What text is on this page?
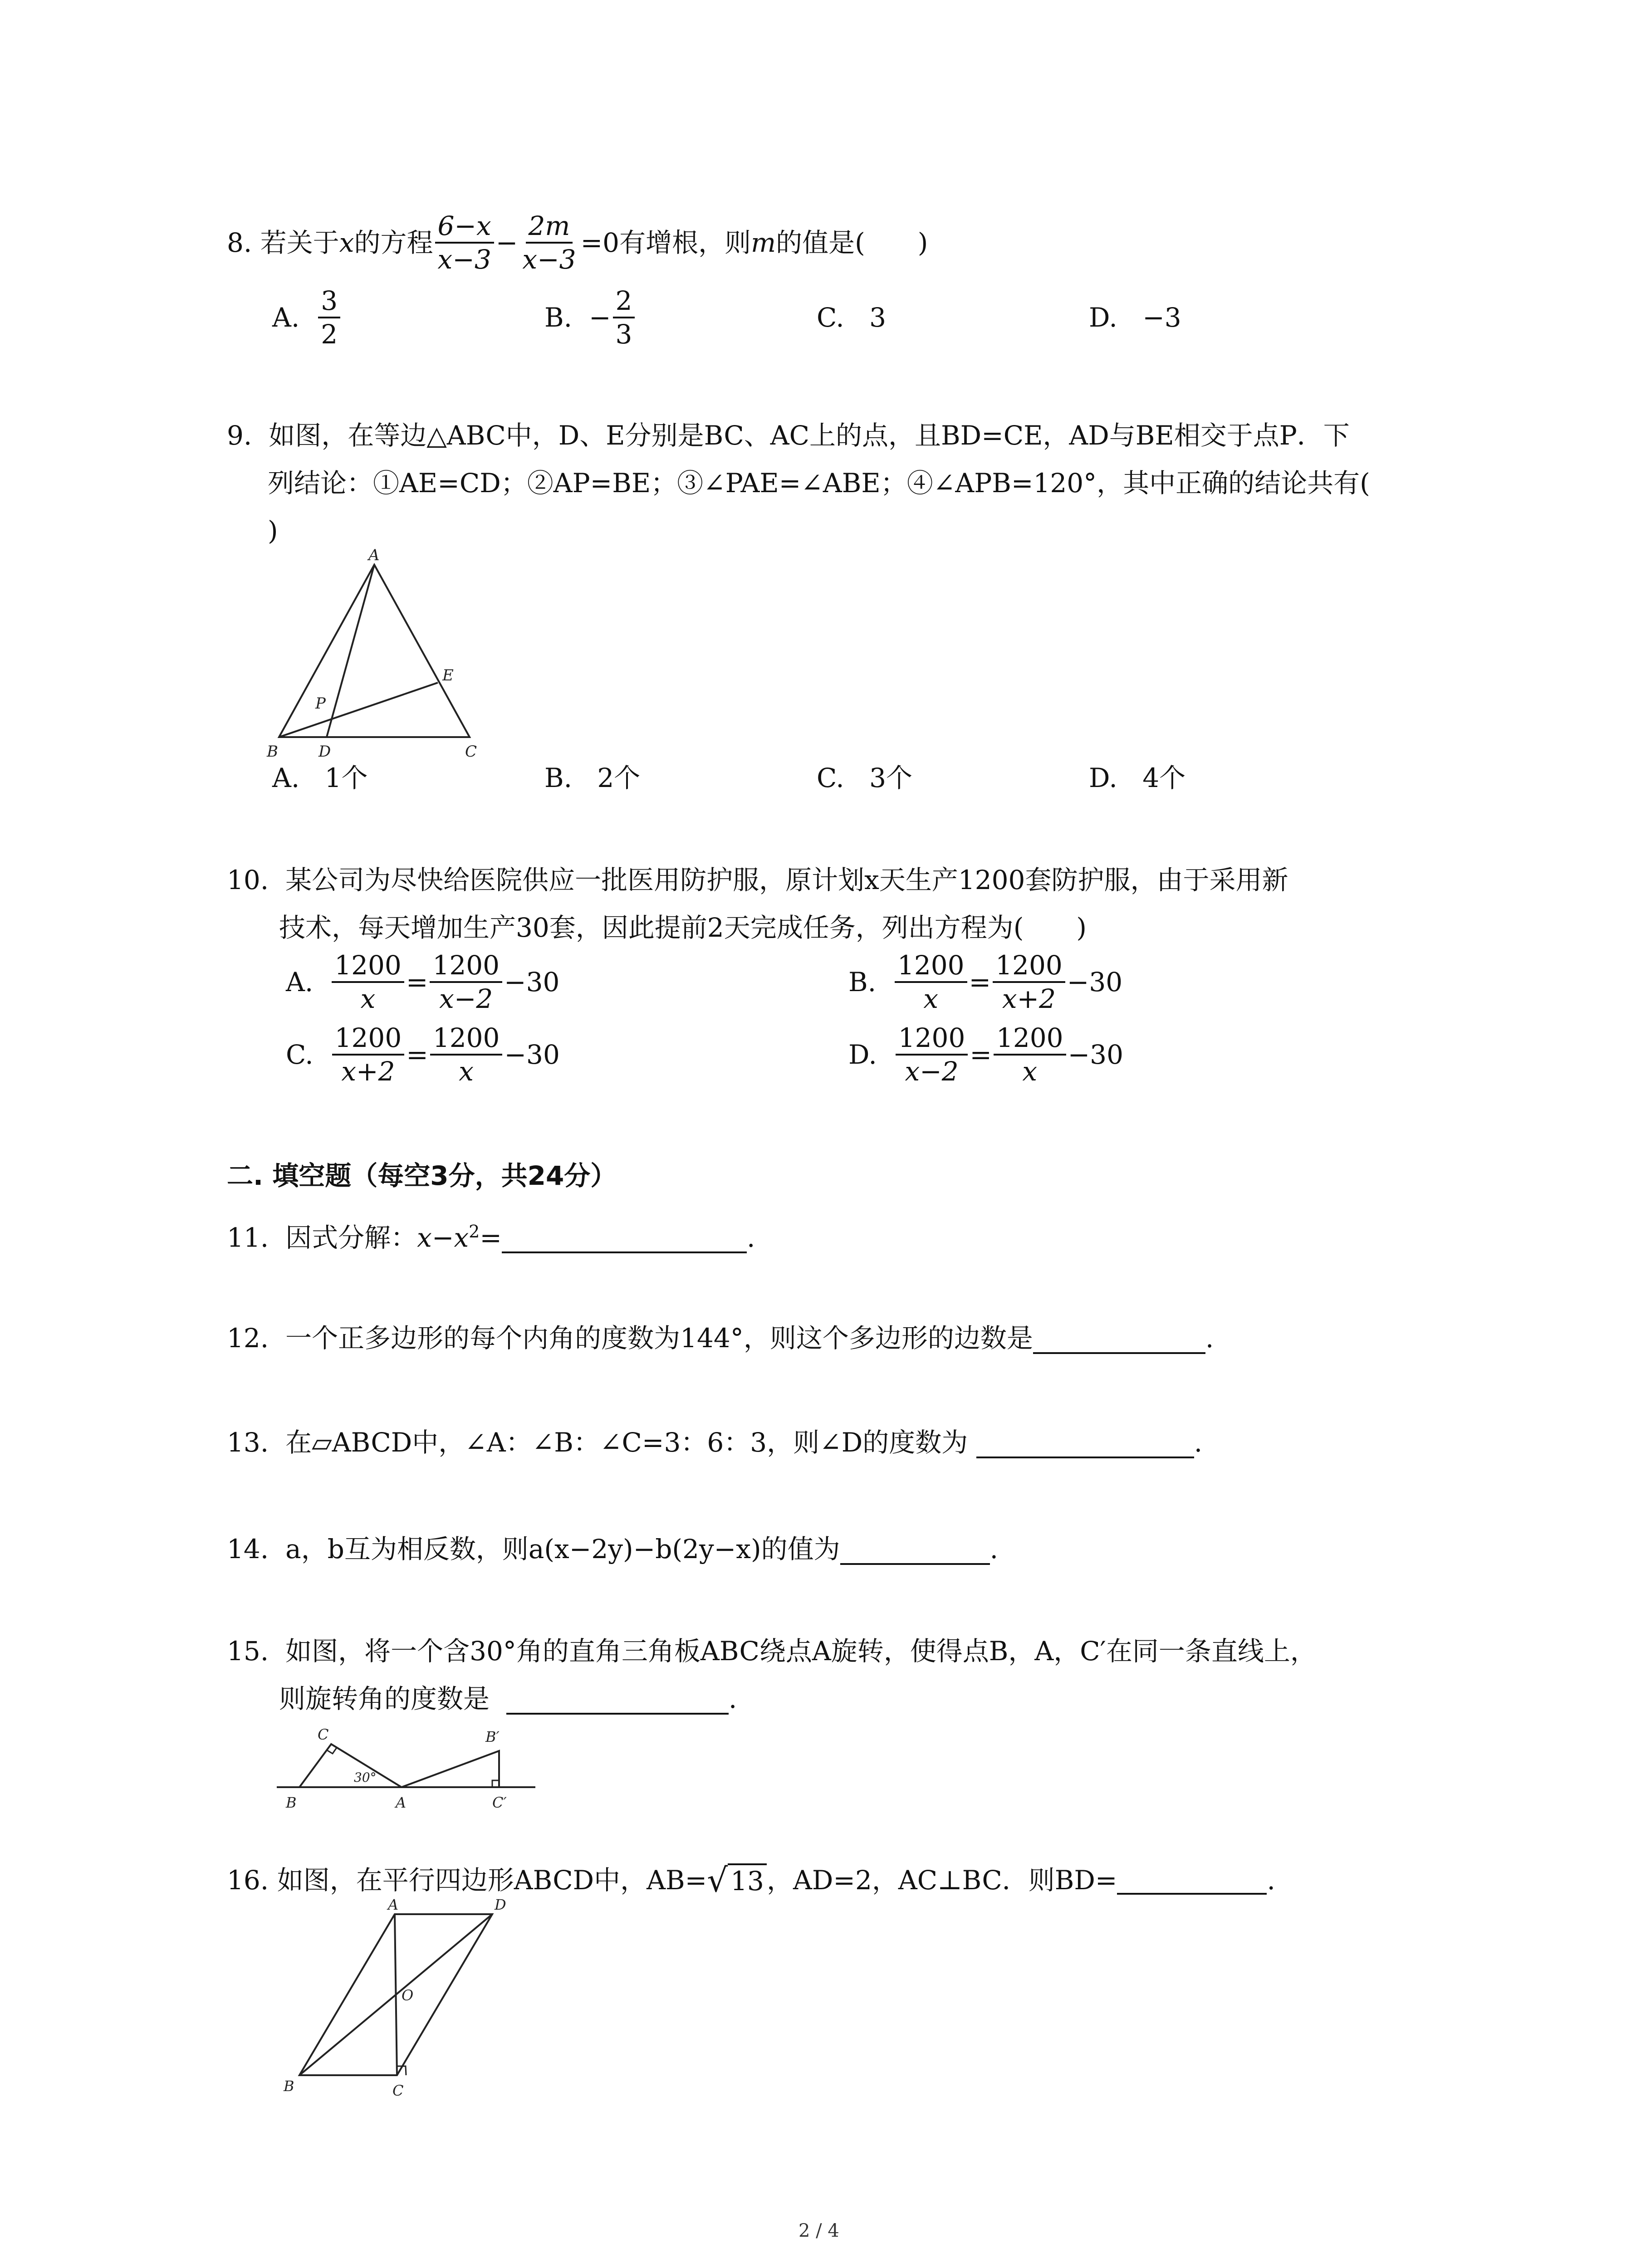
8.
若关于 x 的方程 $\frac{6-x}{x-3} - \frac{2m}{x-3} =0$有增根，则 m 的值是(　　)
A.
$\frac{3}{2}$	B.
− $\frac{2}{3}$	C. 3	D. −3
9. 如图，在等边△ABC中，D、E分别是BC、AC上的点，且BD=CE，AD与BE相交于点P．下
列结论：①AE=CD；②AP=BE；③∠PAE=∠ABE；④∠APB=120°，其中正确的结论共有(
)
A
B	C
D
E
P
A. 1个	B. 2个	C. 3个	D. 4个
10. 某公司为尽快给医院供应一批医用防护服，原计划x天生产1200套防护服，由于采用新
技术，每天增加生产30套，因此提前2天完成任务，列出方程为(　　)
A.
$\frac{1200}{x} = \frac{1200}{x-2} -30$	B.
$\frac{1200}{x} = \frac{1200}{x+2} -30$
C.
$\frac{1200}{x+2} = \frac{1200}{x} -30$	D.
$\frac{1200}{x-2} = \frac{1200}{x} -30$
二. 填空题（每空3分，共24分）
11. 因式分解：$x-x^2=$	.
12. 一个正多边形的每个内角的度数为144°，则这个多边形的边数是	.
13. 在▱ABCD中，∠A：∠B：∠C=3：6：3，则∠D的度数为	.
14. a，b互为相反数，则a(x−2y)−b(2y−x)的值为	.
15. 如图，将一个含30°角的直角三角板ABC绕点A旋转，使得点B，A，C′在同一条直线上，
则旋转角的度数是	.
C
B	A
B′
C′
30°
16.
如图，在平行四边形ABCD中，AB= √ 13 ，AD=2，AC⊥BC．则BD=	.
A	D
O
B	C
2 / 4
